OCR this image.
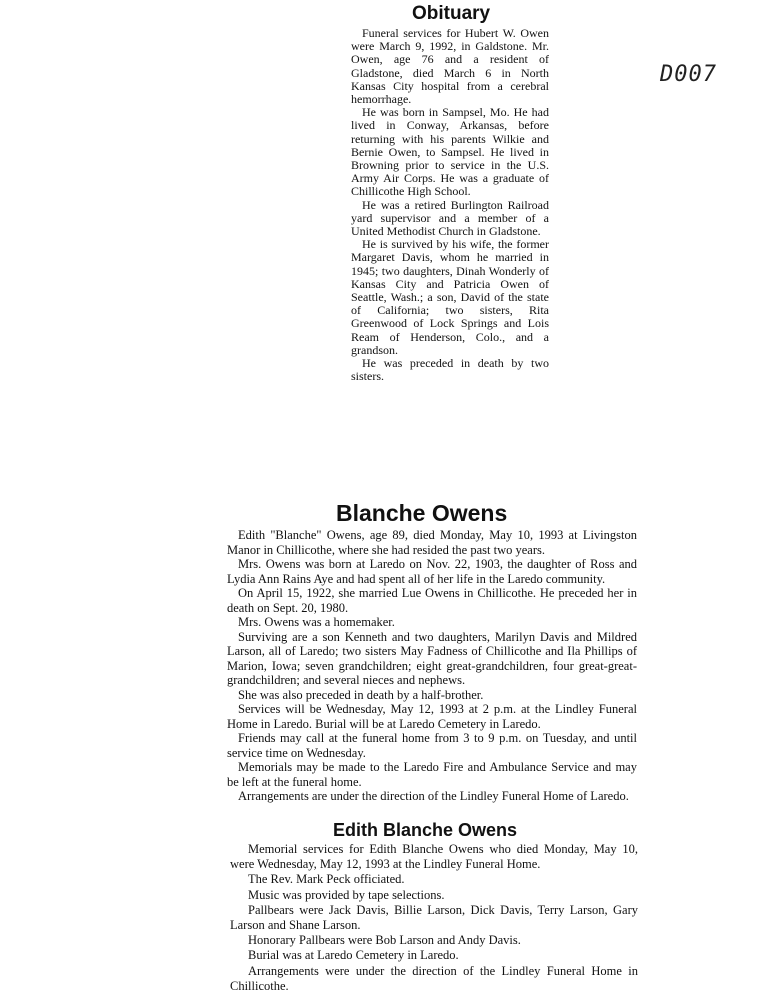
D007
Obituary

Funeral services for Hubert W. Owen were March 9, 1992, in Galdstone. Mr. Owen, age 76 and a resident of Gladstone, died March 6 in North Kansas City hospital from a cerebral hemorrhage.

He was born in Sampsel, Mo. He had lived in Conway, Arkansas, before returning with his parents Wilkie and Bernie Owen, to Sampsel. He lived in Browning prior to service in the U.S. Army Air Corps. He was a graduate of Chillicothe High School.

He was a retired Burlington Railroad yard supervisor and a member of a United Methodist Church in Gladstone.

He is survived by his wife, the former Margaret Davis, whom he married in 1945; two daughters, Dinah Wonderly of Kansas City and Patricia Owen of Seattle, Wash.; a son, David of the state of California; two sisters, Rita Greenwood of Lock Springs and Lois Ream of Henderson, Colo., and a grandson.

He was preceded in death by two sisters.

Blanche Owens

Edith "Blanche" Owens, age 89, died Monday, May 10, 1993 at Livingston Manor in Chillicothe, where she had resided the past two years.

Mrs. Owens was born at Laredo on Nov. 22, 1903, the daughter of Ross and Lydia Ann Rains Aye and had spent all of her life in the Laredo community.

On April 15, 1922, she married Lue Owens in Chillicothe. He preceded her in death on Sept. 20, 1980.

Mrs. Owens was a homemaker.

Surviving are a son Kenneth and two daughters, Marilyn Davis and Mildred Larson, all of Laredo; two sisters May Fadness of Chillicothe and Ila Phillips of Marion, Iowa; seven grandchildren; eight great-grandchildren, four great-great-grandchildren; and several nieces and nephews.

She was also preceded in death by a half-brother.

Services will be Wednesday, May 12, 1993 at 2 p.m. at the Lindley Funeral Home in Laredo. Burial will be at Laredo Cemetery in Laredo.

Friends may call at the funeral home from 3 to 9 p.m. on Tuesday, and until service time on Wednesday.

Memorials may be made to the Laredo Fire and Ambulance Service and may be left at the funeral home.

Arrangements are under the direction of the Lindley Funeral Home of Laredo.

Edith Blanche Owens

Memorial services for Edith Blanche Owens who died Monday, May 10, were Wednesday, May 12, 1993 at the Lindley Funeral Home.

The Rev. Mark Peck officiated.

Music was provided by tape selections.

Pallbears were Jack Davis, Billie Larson, Dick Davis, Terry Larson, Gary Larson and Shane Larson.

Honorary Pallbears were Bob Larson and Andy Davis.

Burial was at Laredo Cemetery in Laredo.

Arrangements were under the direction of the Lindley Funeral Home in Chillicothe.
